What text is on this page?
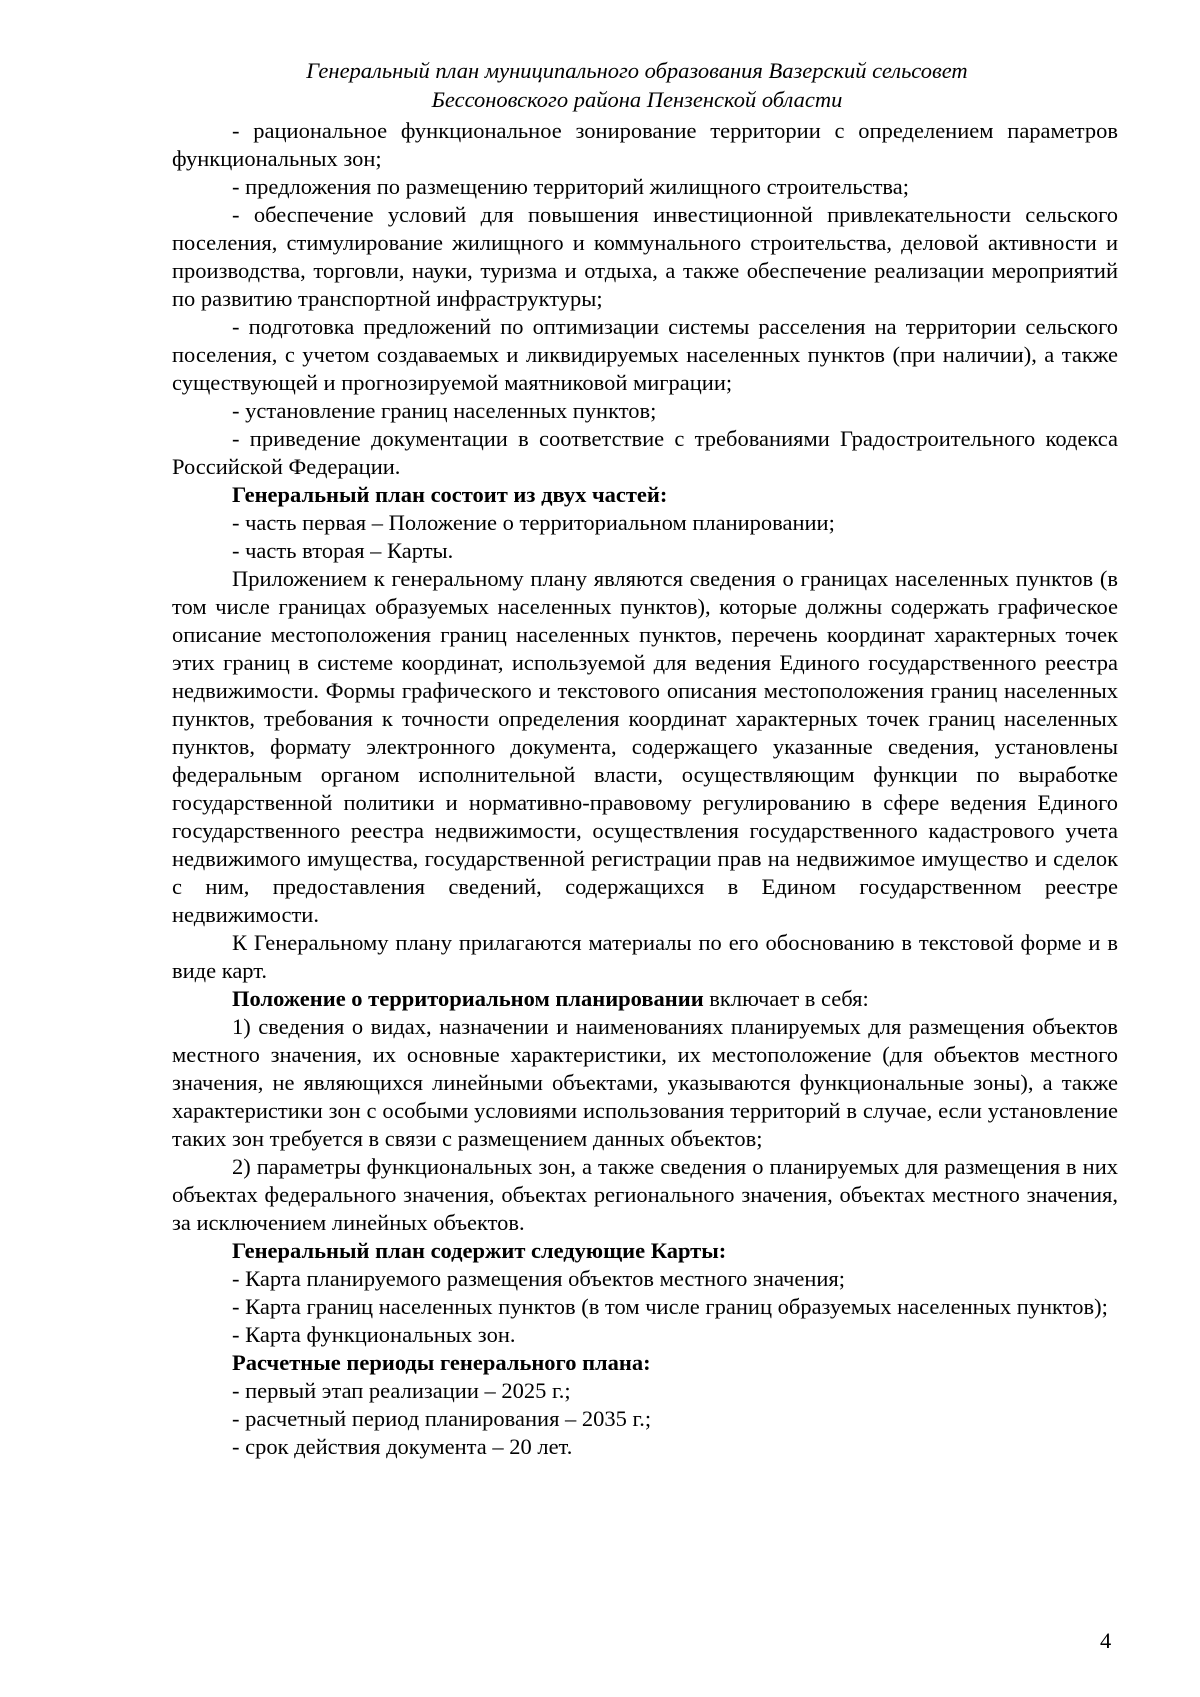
Генеральный план муниципального образования Вазерский сельсовет
Бессоновского района Пензенской области

- рациональное функциональное зонирование территории с определением параметров функциональных зон;

- предложения по размещению территорий жилищного строительства;

- обеспечение условий для повышения инвестиционной привлекательности сельского поселения, стимулирование жилищного и коммунального строительства, деловой активности и производства, торговли, науки, туризма и отдыха, а также обеспечение реализации мероприятий по развитию транспортной инфраструктуры;

- подготовка предложений по оптимизации системы расселения на территории сельского поселения, с учетом создаваемых и ликвидируемых населенных пунктов (при наличии), а также существующей и прогнозируемой маятниковой миграции;

- установление границ населенных пунктов;

- приведение документации в соответствие с требованиями Градостроительного кодекса Российской Федерации.

Генеральный план состоит из двух частей:

- часть первая – Положение о территориальном планировании;

- часть вторая – Карты.

Приложением к генеральному плану являются сведения о границах населенных пунктов (в том числе границах образуемых населенных пунктов), которые должны содержать графическое описание местоположения границ населенных пунктов, перечень координат характерных точек этих границ в системе координат, используемой для ведения Единого государственного реестра недвижимости. Формы графического и текстового описания местоположения границ населенных пунктов, требования к точности определения координат характерных точек границ населенных пунктов, формату электронного документа, содержащего указанные сведения, установлены федеральным органом исполнительной власти, осуществляющим функции по выработке государственной политики и нормативно-правовому регулированию в сфере ведения Единого государственного реестра недвижимости, осуществления государственного кадастрового учета недвижимого имущества, государственной регистрации прав на недвижимое имущество и сделок с ним, предоставления сведений, содержащихся в Едином государственном реестре недвижимости.

К Генеральному плану прилагаются материалы по его обоснованию в текстовой форме и в виде карт.

Положение о территориальном планировании включает в себя:

1) сведения о видах, назначении и наименованиях планируемых для размещения объектов местного значения, их основные характеристики, их местоположение (для объектов местного значения, не являющихся линейными объектами, указываются функциональные зоны), а также характеристики зон с особыми условиями использования территорий в случае, если установление таких зон требуется в связи с размещением данных объектов;

2) параметры функциональных зон, а также сведения о планируемых для размещения в них объектах федерального значения, объектах регионального значения, объектах местного значения, за исключением линейных объектов.

Генеральный план содержит следующие Карты:

- Карта планируемого размещения объектов местного значения;

- Карта границ населенных пунктов (в том числе границ образуемых населенных пунктов);

- Карта функциональных зон.

Расчетные периоды генерального плана:

- первый этап реализации – 2025 г.;

- расчетный период планирования – 2035 г.;

- срок действия документа – 20 лет.

4
